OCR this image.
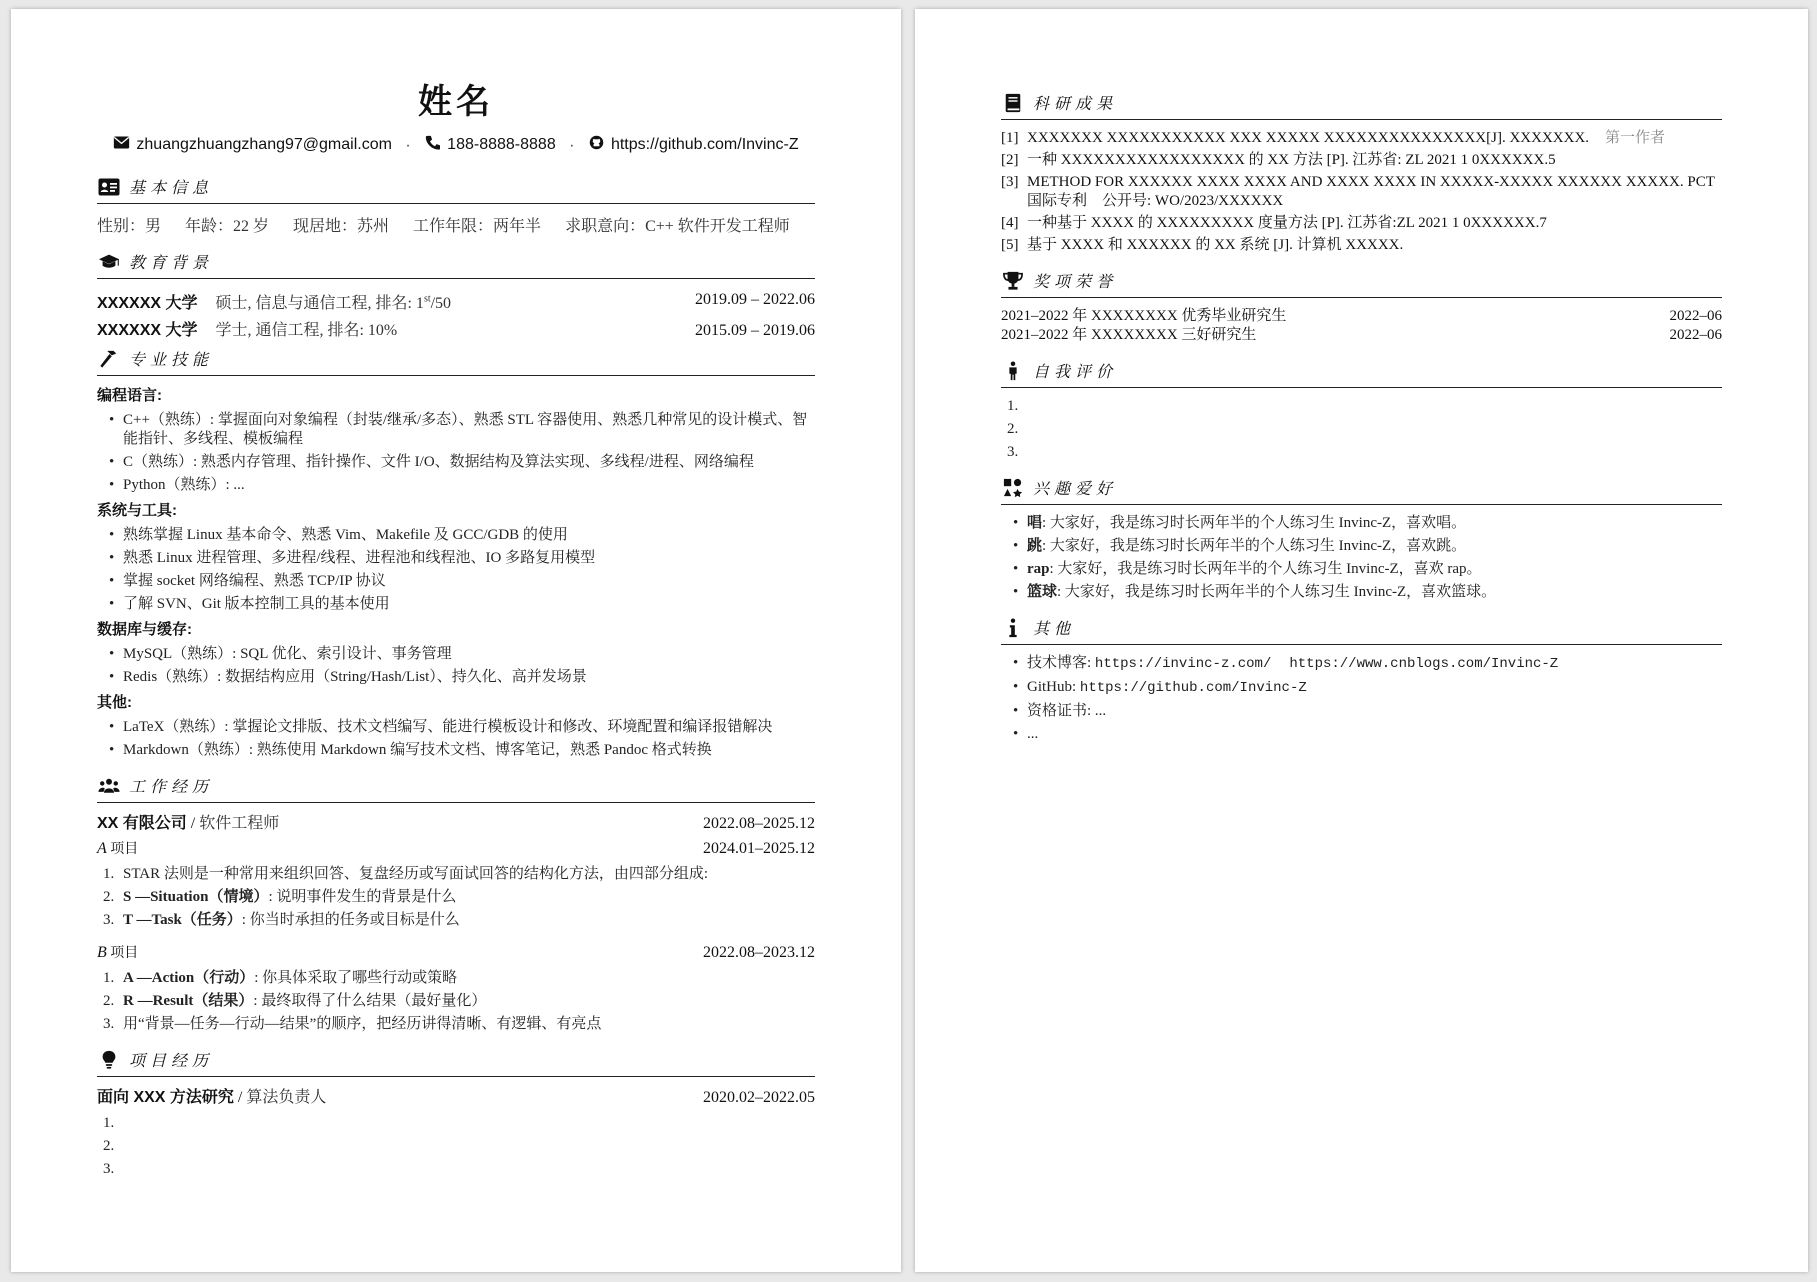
姓名
zhuangzhuangzhang97@gmail.com · 188-8888-8888 · https://github.com/Invinc-Z
基本信息
性别：男 年龄：22 岁 现居地：苏州 工作年限：两年半 求职意向：C++ 软件开发工程师
教育背景
XXXXXX 大学 硕士, 信息与通信工程, 排名: 1st/50	2019.09 – 2022.06
XXXXXX 大学 学士, 通信工程, 排名: 10%	2015.09 – 2019.06
专业技能
编程语言:
• C++（熟练）: 掌握面向对象编程（封装/继承/多态）、熟悉 STL 容器使用、熟悉几种常见的设计模式、智能指针、多线程、模板编程
• C（熟练）: 熟悉内存管理、指针操作、文件 I/O、数据结构及算法实现、多线程/进程、网络编程
• Python（熟练）: ...
系统与工具:
• 熟练掌握 Linux 基本命令、熟悉 Vim、Makefile 及 GCC/GDB 的使用
• 熟悉 Linux 进程管理、多进程/线程、进程池和线程池、IO 多路复用模型
• 掌握 socket 网络编程、熟悉 TCP/IP 协议
• 了解 SVN、Git 版本控制工具的基本使用
数据库与缓存:
• MySQL（熟练）: SQL 优化、索引设计、事务管理
• Redis（熟练）: 数据结构应用（String/Hash/List）、持久化、高并发场景
其他:
• LaTeX（熟练）: 掌握论文排版、技术文档编写、能进行模板设计和修改、环境配置和编译报错解决
• Markdown（熟练）: 熟练使用 Markdown 编写技术文档、博客笔记，熟悉 Pandoc 格式转换
工作经历
XX 有限公司 / 软件工程师	2022.08–2025.12
A 项目	2024.01–2025.12
1. STAR 法则是一种常用来组织回答、复盘经历或写面试回答的结构化方法，由四部分组成:
2. S —Situation（情境）: 说明事件发生的背景是什么
3. T —Task（任务）: 你当时承担的任务或目标是什么
B 项目	2022.08–2023.12
1. A —Action（行动）: 你具体采取了哪些行动或策略
2. R —Result（结果）: 最终取得了什么结果（最好量化）
3. 用“背景—任务—行动—结果”的顺序，把经历讲得清晰、有逻辑、有亮点
项目经历
面向 XXX 方法研究 / 算法负责人	2020.02–2022.05
1.
2.
3.
科研成果
[1] XXXXXXX XXXXXXXXXXX XXX XXXXX XXXXXXXXXXXXXXX[J]. XXXXXXX. 第一作者
[2] 一种 XXXXXXXXXXXXXXXXX 的 XX 方法 [P]. 江苏省: ZL 2021 1 0XXXXXX.5
[3] METHOD FOR XXXXXX XXXX XXXX AND XXXX XXXX IN XXXXX-XXXXX XXXXXX XXXXX. PCT 国际专利　公开号: WO/2023/XXXXXX
[4] 一种基于 XXXX 的 XXXXXXXXX 度量方法 [P]. 江苏省:ZL 2021 1 0XXXXXX.7
[5] 基于 XXXX 和 XXXXXX 的 XX 系统 [J]. 计算机 XXXXX.
奖项荣誉
2021–2022 年 XXXXXXXX 优秀毕业研究生	2022–06
2021–2022 年 XXXXXXXX 三好研究生	2022–06
自我评价
1.
2.
3.
兴趣爱好
• 唱: 大家好，我是练习时长两年半的个人练习生 Invinc-Z，喜欢唱。
• 跳: 大家好，我是练习时长两年半的个人练习生 Invinc-Z，喜欢跳。
• rap: 大家好，我是练习时长两年半的个人练习生 Invinc-Z，喜欢 rap。
• 篮球: 大家好，我是练习时长两年半的个人练习生 Invinc-Z，喜欢篮球。
其他
• 技术博客: https://invinc-z.com/ https://www.cnblogs.com/Invinc-Z
• GitHub: https://github.com/Invinc-Z
• 资格证书: ...
• ...
